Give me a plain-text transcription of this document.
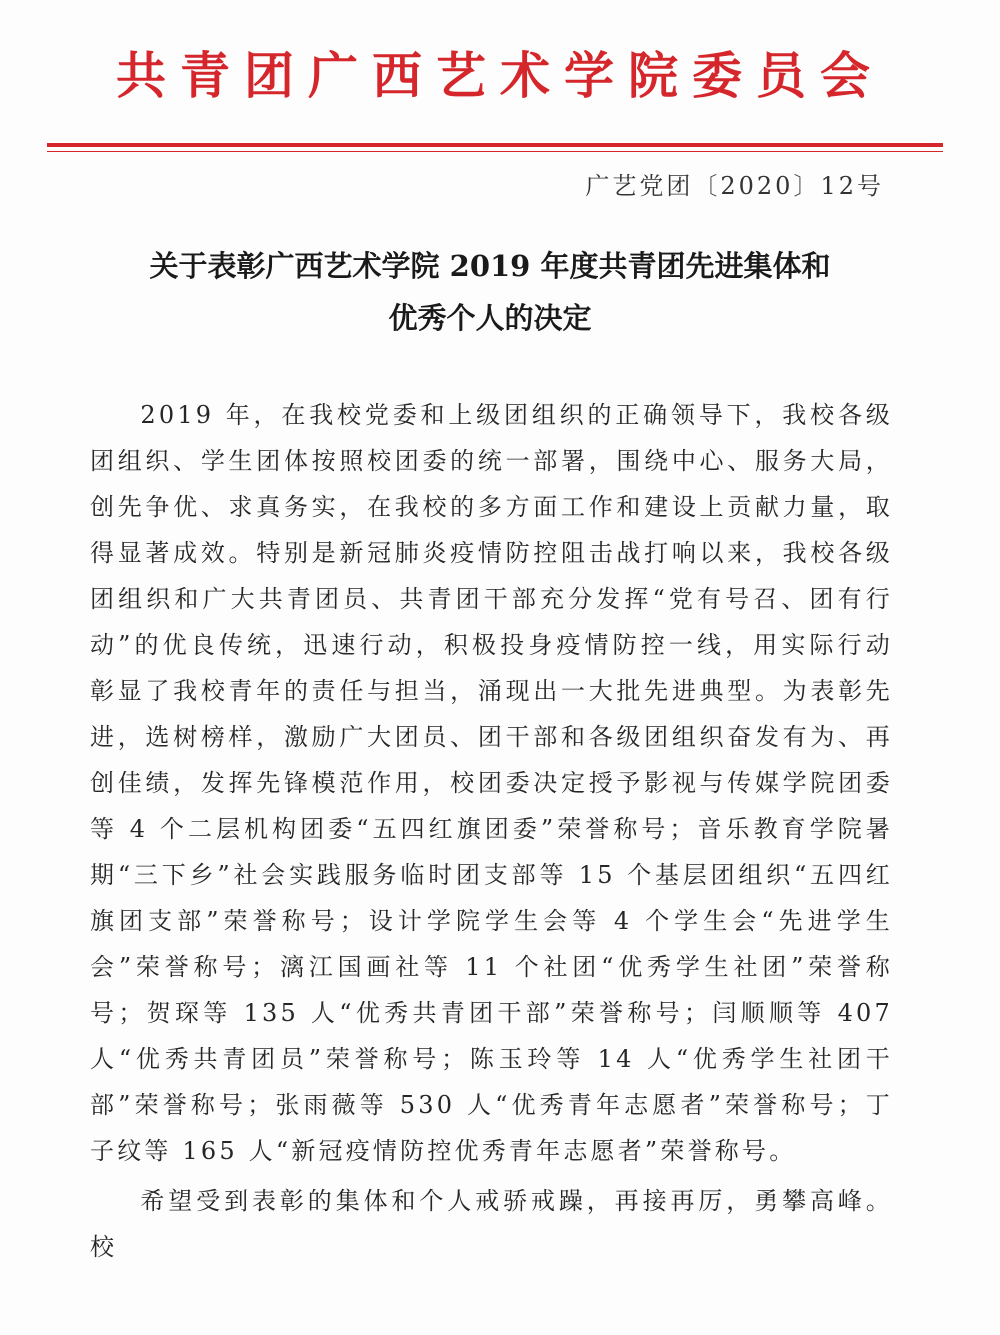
共青团广西艺术学院委员会
广艺党团〔2020〕12号
关于表彰广西艺术学院 2019 年度共青团先进集体和
优秀个人的决定

2019 年，在我校党委和上级团组织的正确领导下，我校各级团组织、学生团体按照校团委的统一部署，围绕中心、服务大局，创先争优、求真务实，在我校的多方面工作和建设上贡献力量，取得显著成效。特别是新冠肺炎疫情防控阻击战打响以来，我校各级团组织和广大共青团员、共青团干部充分发挥“党有号召、团有行动”的优良传统，迅速行动，积极投身疫情防控一线，用实际行动彰显了我校青年的责任与担当，涌现出一大批先进典型。为表彰先进，选树榜样，激励广大团员、团干部和各级团组织奋发有为、再创佳绩，发挥先锋模范作用，校团委决定授予影视与传媒学院团委等 4 个二层机构团委“五四红旗团委”荣誉称号；音乐教育学院暑期“三下乡”社会实践服务临时团支部等 15 个基层团组织“五四红旗团支部”荣誉称号；设计学院学生会等 4 个学生会“先进学生会”荣誉称号；漓江国画社等 11 个社团“优秀学生社团”荣誉称号；贺琛等 135 人“优秀共青团干部”荣誉称号；闫顺顺等 407 人“优秀共青团员”荣誉称号；陈玉玲等 14 人“优秀学生社团干部”荣誉称号；张雨薇等 530 人“优秀青年志愿者”荣誉称号；丁子纹等 165 人“新冠疫情防控优秀青年志愿者”荣誉称号。

希望受到表彰的集体和个人戒骄戒躁，再接再厉，勇攀高峰。校
